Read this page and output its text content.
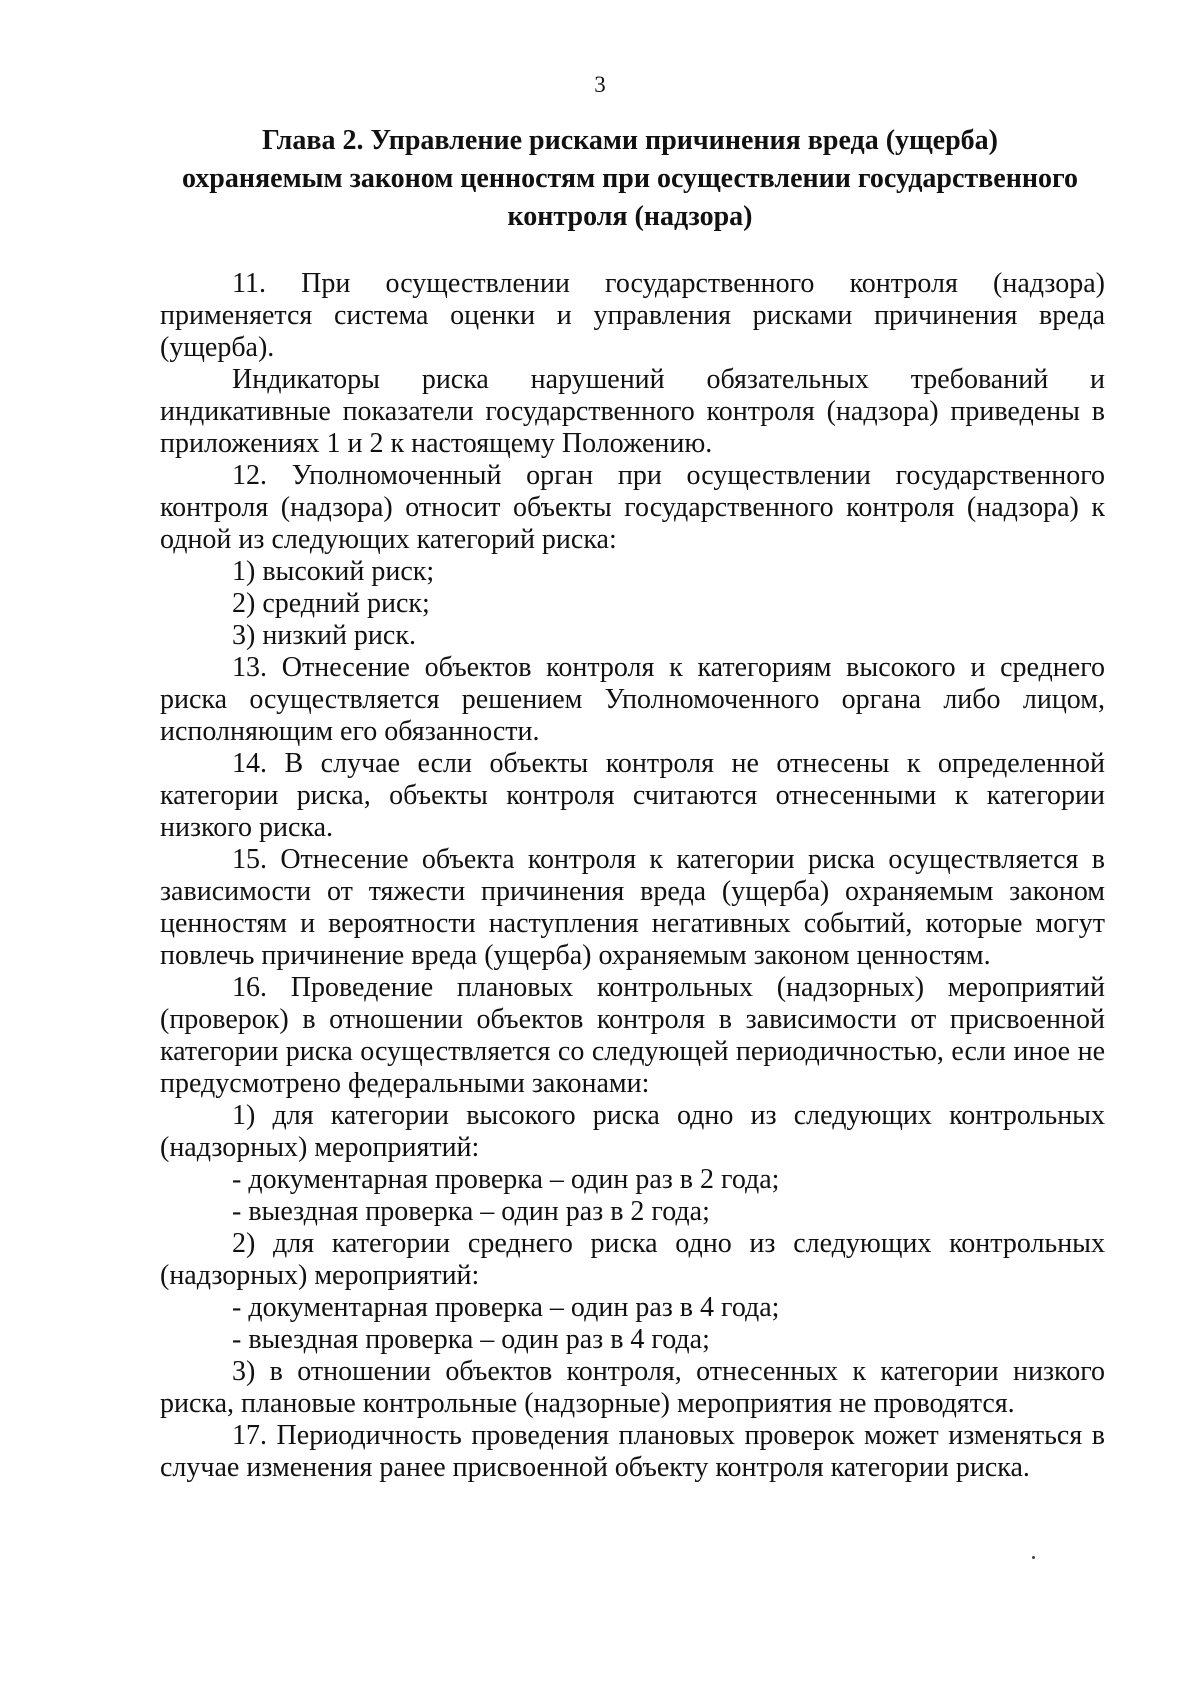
3
Глава 2. Управление рисками причинения вреда (ущерба)
охраняемым законом ценностям при осуществлении государственного
контроля (надзора)

11. При осуществлении государственного контроля (надзора) применяется система оценки и управления рисками причинения вреда (ущерба).

Индикаторы риска нарушений обязательных требований и индикативные показатели государственного контроля (надзора) приведены в приложениях 1 и 2 к настоящему Положению.

12. Уполномоченный орган при осуществлении государственного контроля (надзора) относит объекты государственного контроля (надзора) к одной из следующих категорий риска:

1) высокий риск;

2) средний риск;

3) низкий риск.

13. Отнесение объектов контроля к категориям высокого и среднего риска осуществляется решением Уполномоченного органа либо лицом, исполняющим его обязанности.

14. В случае если объекты контроля не отнесены к определенной категории риска, объекты контроля считаются отнесенными к категории низкого риска.

15. Отнесение объекта контроля к категории риска осуществляется в зависимости от тяжести причинения вреда (ущерба) охраняемым законом ценностям и вероятности наступления негативных событий, которые могут повлечь причинение вреда (ущерба) охраняемым законом ценностям.

16. Проведение плановых контрольных (надзорных) мероприятий (проверок) в отношении объектов контроля в зависимости от присвоенной категории риска осуществляется со следующей периодичностью, если иное не предусмотрено федеральными законами:

1) для категории высокого риска одно из следующих контрольных (надзорных) мероприятий:

- документарная проверка – один раз в 2 года;

- выездная проверка – один раз в 2 года;

2) для категории среднего риска одно из следующих контрольных (надзорных) мероприятий:

- документарная проверка – один раз в 4 года;

- выездная проверка – один раз в 4 года;

3) в отношении объектов контроля, отнесенных к категории низкого риска, плановые контрольные (надзорные) мероприятия не проводятся.

17. Периодичность проведения плановых проверок может изменяться в случае изменения ранее присвоенной объекту контроля категории риска.
